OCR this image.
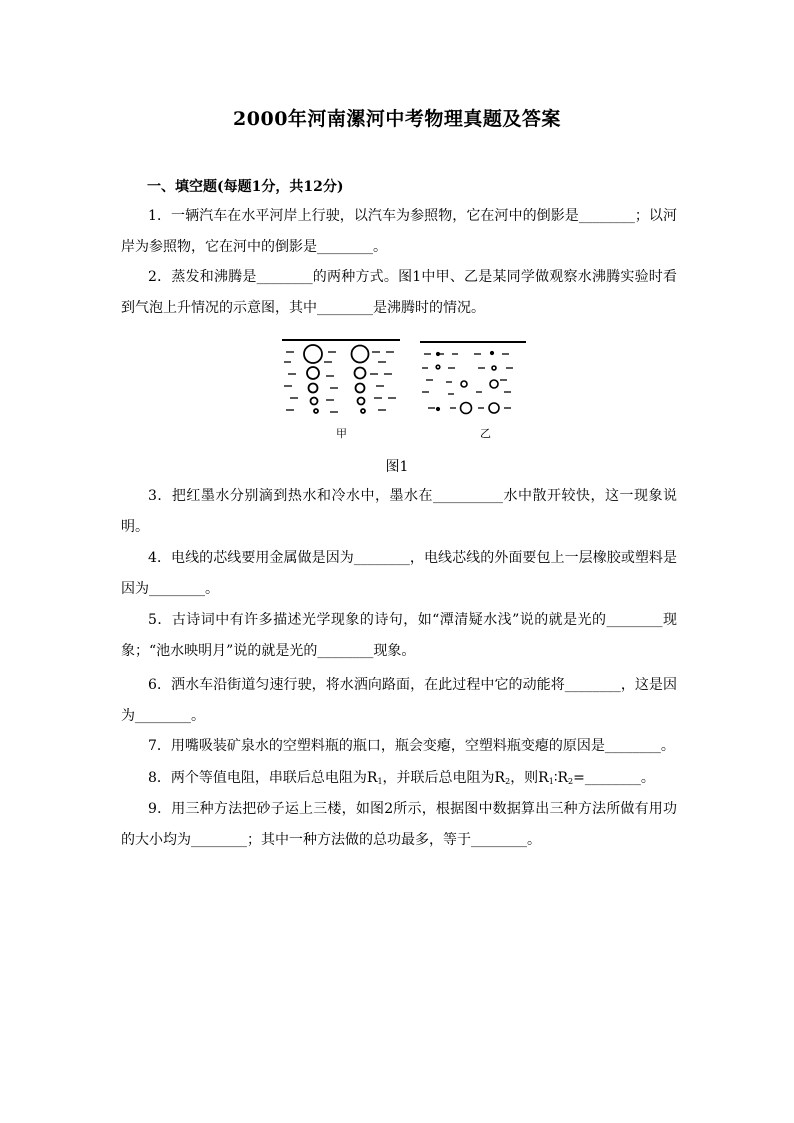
2000年河南漯河中考物理真题及答案
一、填空题(每题1分，共12分)
1．一辆汽车在水平河岸上行驶，以汽车为参照物，它在河中的倒影是________；以河岸为参照物，它在河中的倒影是________。
2．蒸发和沸腾是________的两种方式。图1中甲、乙是某同学做观察水沸腾实验时看到气泡上升情况的示意图，其中________是沸腾时的情况。
甲	乙
图1
3．把红墨水分别滴到热水和冷水中，墨水在__________水中散开较快，这一现象说明。
4．电线的芯线要用金属做是因为________，电线芯线的外面要包上一层橡胶或塑料是因为________。
5．古诗词中有许多描述光学现象的诗句，如“潭清疑水浅”说的就是光的________现象；“池水映明月”说的就是光的________现象。
6．洒水车沿街道匀速行驶，将水洒向路面，在此过程中它的动能将________，这是因为________。
7．用嘴吸装矿泉水的空塑料瓶的瓶口，瓶会变瘪，空塑料瓶变瘪的原因是________。
8．两个等值电阻，串联后总电阻为$R_1$，并联后总电阻为$R_2$，则$R_1∶R_2=\_\_\_\_\_\_\_\_$。
9．用三种方法把砂子运上三楼，如图2所示，根据图中数据算出三种方法所做有用功的大小均为________；其中一种方法做的总功最多，等于________。
